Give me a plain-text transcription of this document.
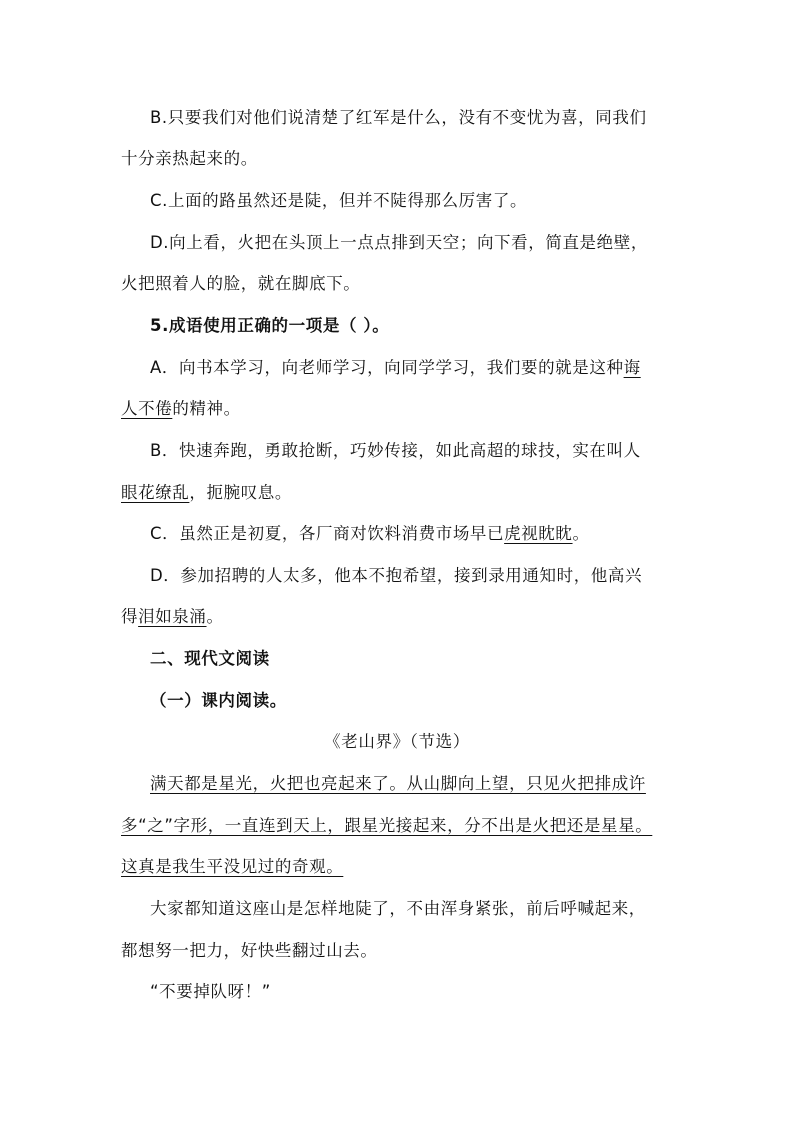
B.只要我们对他们说清楚了红军是什么，没有不变忧为喜，同我们
十分亲热起来的。
C.上面的路虽然还是陡，但并不陡得那么厉害了。
D.向上看，火把在头顶上一点点排到天空；向下看，简直是绝壁，
火把照着人的脸，就在脚底下。
5.成语使用正确的一项是（ ）。
A．向书本学习，向老师学习，向同学学习，我们要的就是这种诲
人不倦的精神。
B．快速奔跑，勇敢抢断，巧妙传接，如此高超的球技，实在叫人
眼花缭乱，扼腕叹息。
C．虽然正是初夏，各厂商对饮料消费市场早已虎视眈眈。
D．参加招聘的人太多，他本不抱希望，接到录用通知时，他高兴
得泪如泉涌。
二、现代文阅读
（一）课内阅读。
《老山界》（节选）
满天都是星光，火把也亮起来了。从山脚向上望，只见火把排成许
多“之”字形，一直连到天上，跟星光接起来，分不出是火把还是星星。
这真是我生平没见过的奇观。
大家都知道这座山是怎样地陡了，不由浑身紧张，前后呼喊起来，
都想努一把力，好快些翻过山去。
“不要掉队呀！”
